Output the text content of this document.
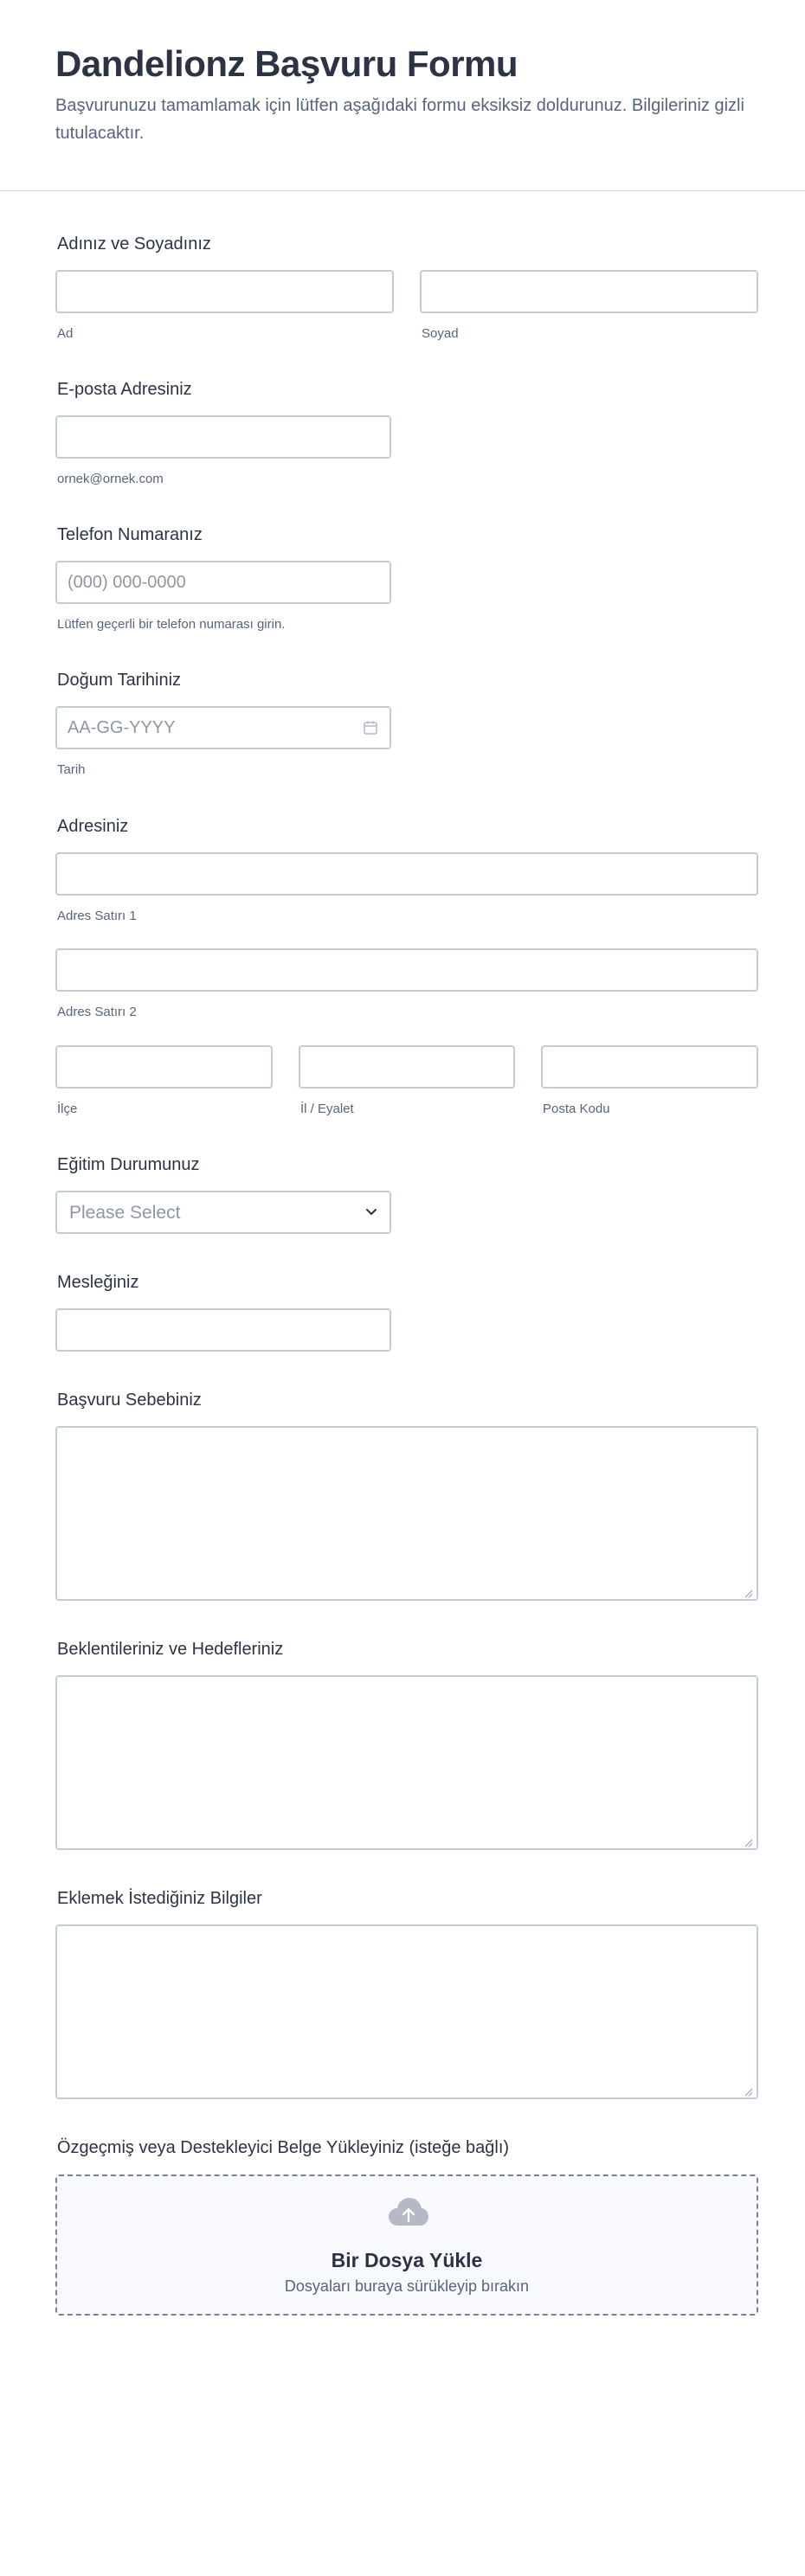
Dandelionz Başvuru Formu
Başvurunuzu tamamlamak için lütfen aşağıdaki formu eksiksiz doldurunuz. Bilgileriniz gizli tutulacaktır.
Adınız ve Soyadınız
Ad	Soyad
E-posta Adresiniz
ornek@ornek.com
Telefon Numaranız
(000) 000-0000
Lütfen geçerli bir telefon numarası girin.
Doğum Tarihiniz
AA-GG-YYYY
Tarih
Adresiniz
Adres Satırı 1
Adres Satırı 2
İlçe	İl / Eyalet	Posta Kodu
Eğitim Durumunuz
Please Select
Mesleğiniz
Başvuru Sebebiniz
Beklentileriniz ve Hedefleriniz
Eklemek İstediğiniz Bilgiler
Özgeçmiş veya Destekleyici Belge Yükleyiniz (isteğe bağlı)
Bir Dosya Yükle
Dosyaları buraya sürükleyip bırakın
